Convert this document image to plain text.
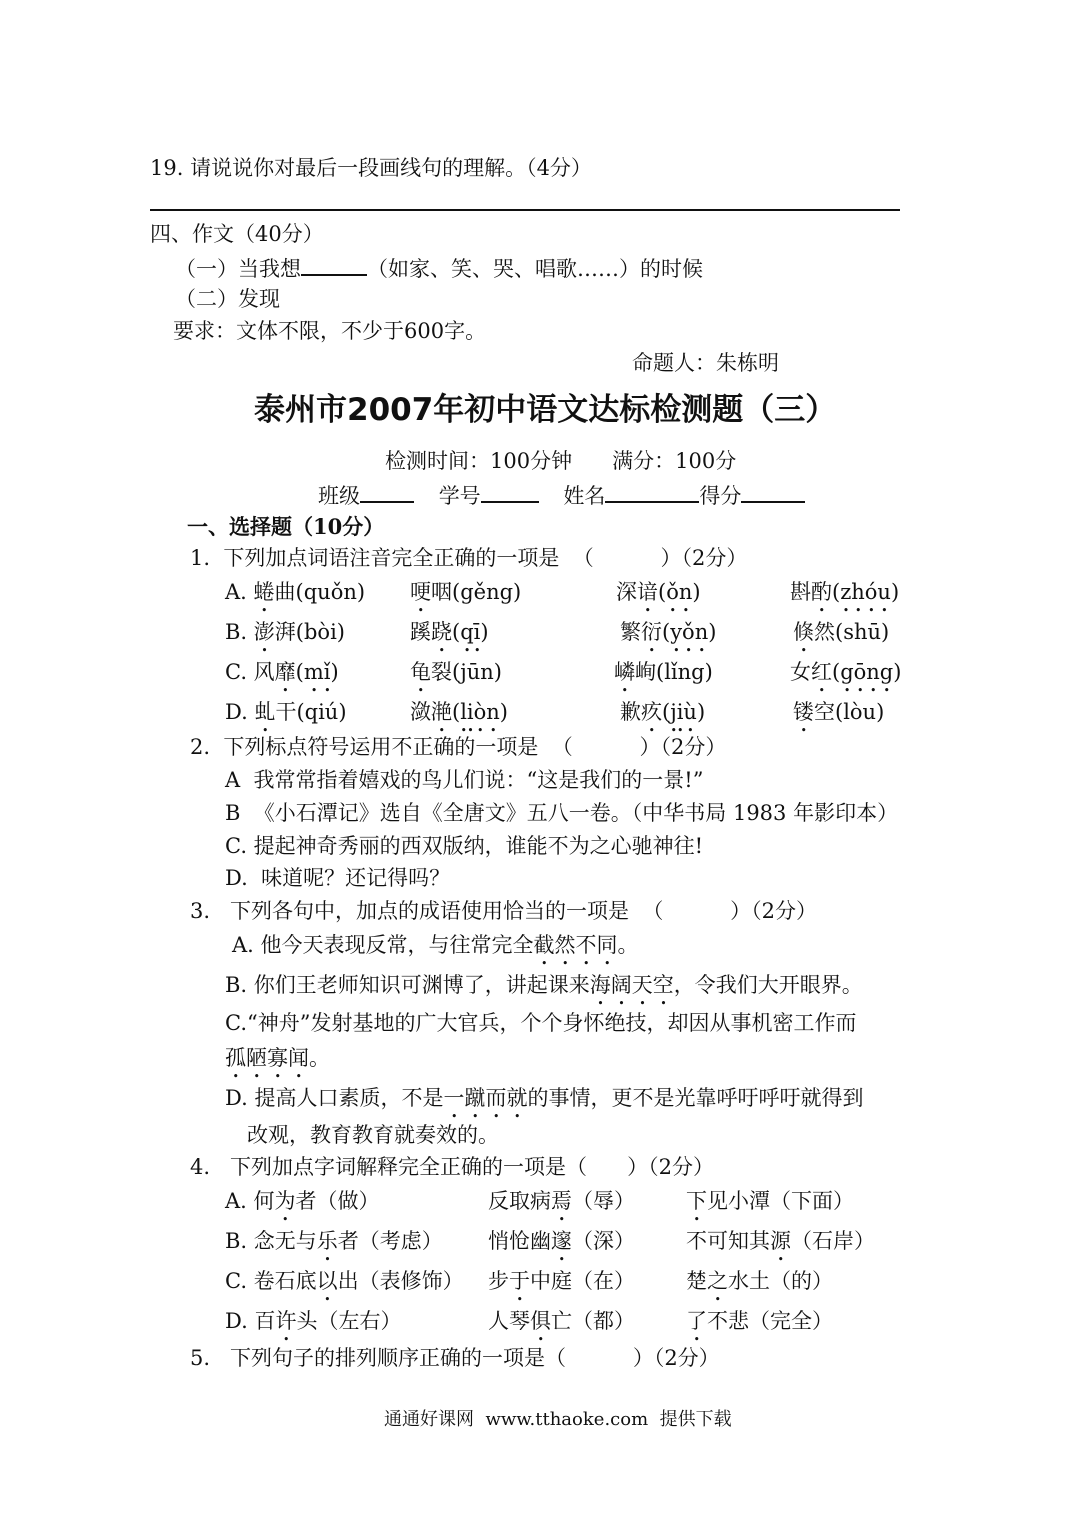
19. 请说说你对最后一段画线句的理解。（4分）
四、作文（40分）
（一）当我想	（如家、笑、哭、唱歌……）的时候
（二）发现
要求：文体不限，不少于600字。
命题人：朱栋明
泰州市2007年初中语文达标检测题（三）
检测时间：100分钟      满分：100分
班级	学号	姓名	得分
一、选择题（10分）
1.  下列加点词语注音完全正确的一项是  （          ）（2分）
A. 蜷曲(quǒn) 哽咽(gěng)	深谙(ǒn)	斟酌(zhóu)
B. 澎湃(bòi)	蹊跷(qī)	繁衍(yǒn)	倏然(shū)
C. 风靡(mǐ)	龟裂(jūn)	嶙峋(lǐng)	女红(gōng)
D. 虬干(qiú)	潋滟(liòn)	歉疚(jiù)	镂空(lòu)
2.  下列标点符号运用不正确的一项是  （          ）（2分）
A  我常常指着嬉戏的鸟儿们说：“这是我们的一景!”
B  《小石潭记》选自《全唐文》五八一卷。（中华书局 1983 年影印本）
C. 提起神奇秀丽的西双版纳，谁能不为之心驰神往!
D.  味道呢？还记得吗？
3.   下列各句中，加点的成语使用恰当的一项是  （          ）（2分）
A. 他今天表现反常，与往常完全截然不同。
B. 你们王老师知识可渊博了，讲起课来海阔天空，令我们大开眼界。
C.“神舟”发射基地的广大官兵，个个身怀绝技，却因从事机密工作而
孤陋寡闻。
D. 提高人口素质，不是一蹴而就的事情，更不是光靠呼吁呼吁就得到
改观，教育教育就奏效的。
4.   下列加点字词解释完全正确的一项是（      ）（2分）
A. 何为者（做）	反取病焉（辱） 下见小潭（下面）
B. 念无与乐者（考虑） 悄怆幽邃（深） 不可知其源（石岸）
C. 卷石底以出（表修饰） 步于中庭（在） 楚之水土（的）
D. 百许头（左右）	人琴俱亡（都） 了不悲（完全）
5.   下列句子的排列顺序正确的一项是（          ）（2分）
通通好课网  www.tthaoke.com  提供下载
